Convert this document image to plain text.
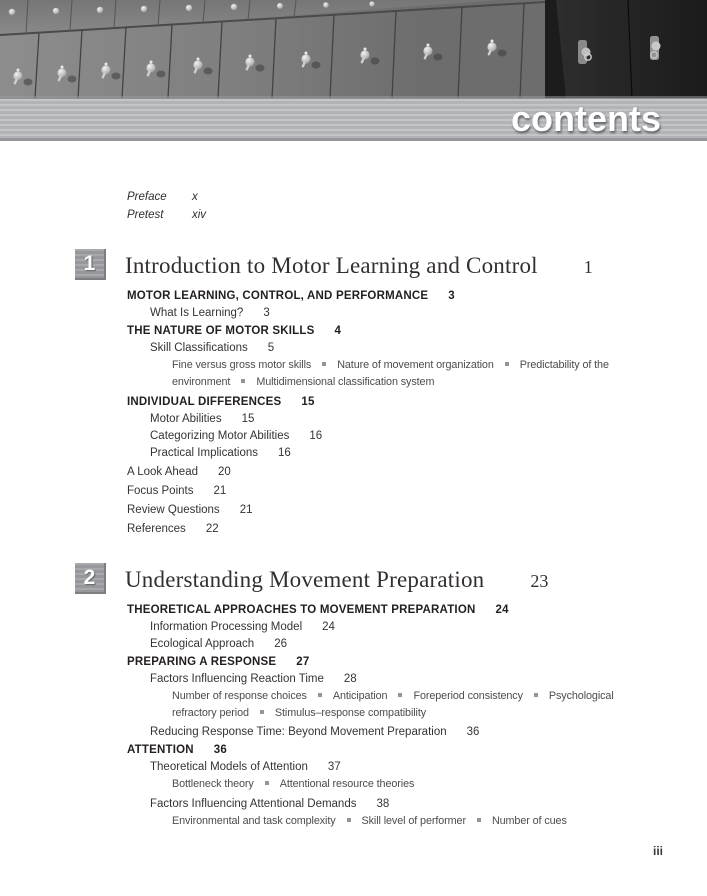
contents
Preface x
Pretest xiv
1	Introduction to Motor Learning and Control	1
MOTOR LEARNING, CONTROL, AND PERFORMANCE 3
What Is Learning? 3
THE NATURE OF MOTOR SKILLS 4
Skill Classifications 5
Fine versus gross motor skills Nature of movement organization Predictability of the environment Multidimensional classification system
INDIVIDUAL DIFFERENCES 15
Motor Abilities 15
Categorizing Motor Abilities 16
Practical Implications 16
A Look Ahead 20
Focus Points 21
Review Questions 21
References 22
2	Understanding Movement Preparation	23
THEORETICAL APPROACHES TO MOVEMENT PREPARATION 24
Information Processing Model 24
Ecological Approach 26
PREPARING A RESPONSE 27
Factors Influencing Reaction Time 28
Number of response choices Anticipation Foreperiod consistency Psychological refractory period Stimulus–response compatibility
Reducing Response Time: Beyond Movement Preparation 36
ATTENTION 36
Theoretical Models of Attention 37
Bottleneck theory Attentional resource theories
Factors Influencing Attentional Demands 38
Environmental and task complexity Skill level of performer Number of cues
iii
